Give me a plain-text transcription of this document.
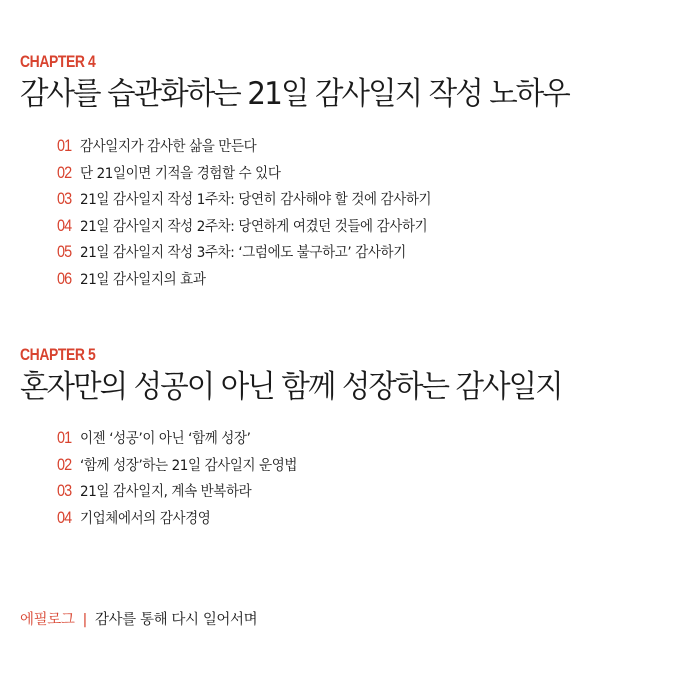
CHAPTER 4
감사를 습관화하는 21일 감사일지 작성 노하우
01 감사일지가 감사한 삶을 만든다
02 단 21일이면 기적을 경험할 수 있다
03 21일 감사일지 작성 1주차: 당연히 감사해야 할 것에 감사하기
04 21일 감사일지 작성 2주차: 당연하게 여겼던 것들에 감사하기
05 21일 감사일지 작성 3주차: ‘그럼에도 불구하고’ 감사하기
06 21일 감사일지의 효과
CHAPTER 5
혼자만의 성공이 아닌 함께 성장하는 감사일지
01 이젠 ‘성공’이 아닌 ‘함께 성장’
02 ‘함께 성장’하는 21일 감사일지 운영법
03 21일 감사일지, 계속 반복하라
04 기업체에서의 감사경영
에필로그 | 감사를 통해 다시 일어서며
